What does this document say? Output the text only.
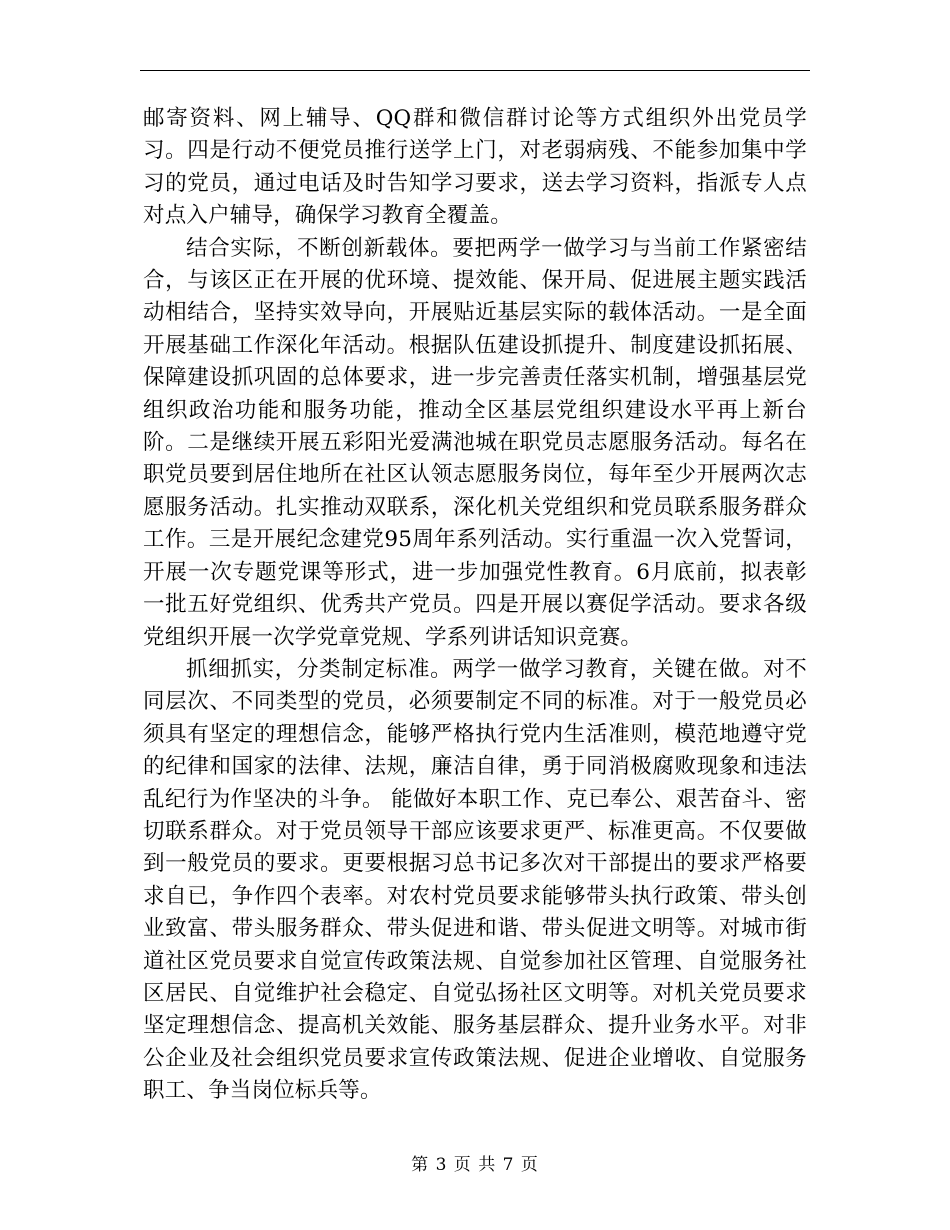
邮寄资料、网上辅导、QQ群和微信群讨论等方式组织外出党员学习。四是行动不便党员推行送学上门，对老弱病残、不能参加集中学习的党员，通过电话及时告知学习要求，送去学习资料，指派专人点对点入户辅导，确保学习教育全覆盖。

结合实际，不断创新载体。要把两学一做学习与当前工作紧密结合，与该区正在开展的优环境、提效能、保开局、促进展主题实践活动相结合，坚持实效导向，开展贴近基层实际的载体活动。一是全面开展基础工作深化年活动。根据队伍建设抓提升、制度建设抓拓展、保障建设抓巩固的总体要求，进一步完善责任落实机制，增强基层党组织政治功能和服务功能，推动全区基层党组织建设水平再上新台阶。二是继续开展五彩阳光爱满池城在职党员志愿服务活动。每名在职党员要到居住地所在社区认领志愿服务岗位，每年至少开展两次志愿服务活动。扎实推动双联系，深化机关党组织和党员联系服务群众工作。三是开展纪念建党95周年系列活动。实行重温一次入党誓词，开展一次专题党课等形式，进一步加强党性教育。6月底前，拟表彰一批五好党组织、优秀共产党员。四是开展以赛促学活动。要求各级党组织开展一次学党章党规、学系列讲话知识竞赛。

抓细抓实，分类制定标准。两学一做学习教育，关键在做。对不同层次、不同类型的党员，必须要制定不同的标准。对于一般党员必须具有坚定的理想信念，能够严格执行党内生活准则，模范地遵守党的纪律和国家的法律、法规，廉洁自律，勇于同消极腐败现象和违法乱纪行为作坚决的斗争。 能做好本职工作、克已奉公、艰苦奋斗、密切联系群众。对于党员领导干部应该要求更严、标准更高。不仅要做到一般党员的要求。更要根据习总书记多次对干部提出的要求严格要求自已，争作四个表率。对农村党员要求能够带头执行政策、带头创业致富、带头服务群众、带头促进和谐、带头促进文明等。对城市街道社区党员要求自觉宣传政策法规、自觉参加社区管理、自觉服务社区居民、自觉维护社会稳定、自觉弘扬社区文明等。对机关党员要求坚定理想信念、提高机关效能、服务基层群众、提升业务水平。对非公企业及社会组织党员要求宣传政策法规、促进企业增收、自觉服务职工、争当岗位标兵等。

第 3 页 共 7 页
